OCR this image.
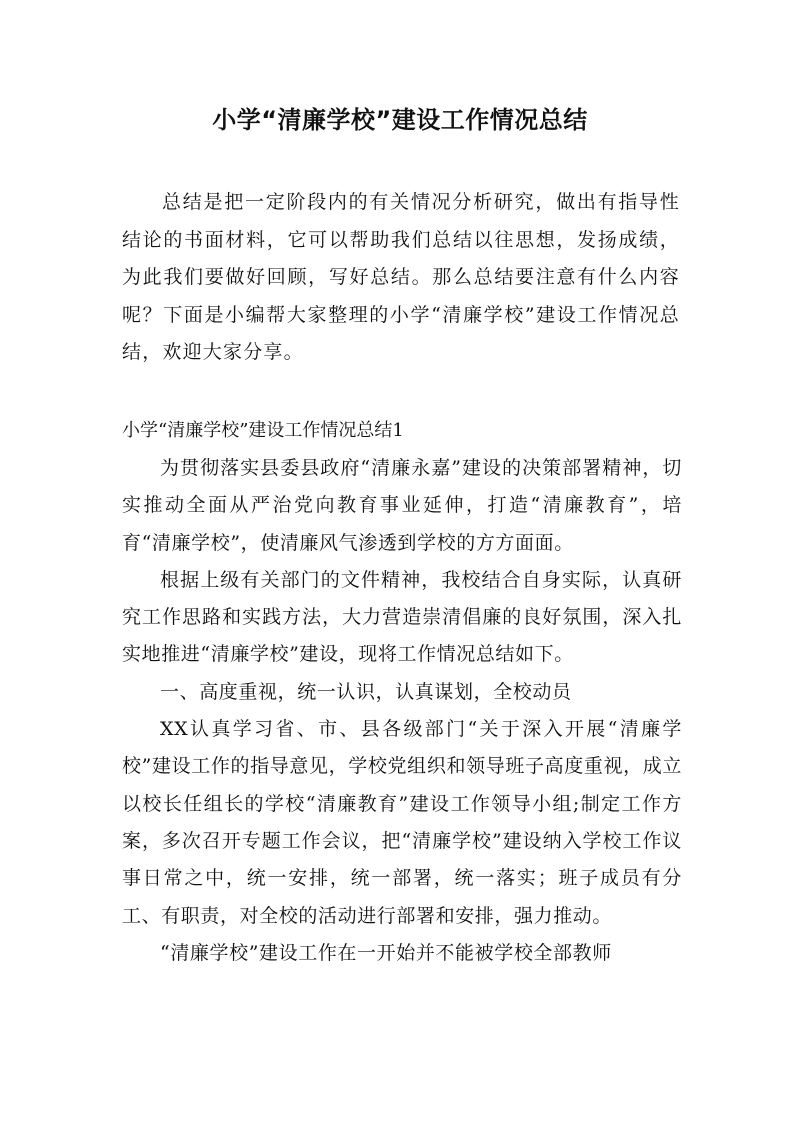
小学“清廉学校”建设工作情况总结

总结是把一定阶段内的有关情况分析研究，做出有指导性结论的书面材料，它可以帮助我们总结以往思想，发扬成绩，为此我们要做好回顾，写好总结。那么总结要注意有什么内容呢？下面是小编帮大家整理的小学“清廉学校”建设工作情况总结，欢迎大家分享。

小学“清廉学校”建设工作情况总结1

为贯彻落实县委县政府“清廉永嘉”建设的决策部署精神，切实推动全面从严治党向教育事业延伸，打造“清廉教育”，培育“清廉学校”，使清廉风气渗透到学校的方方面面。

根据上级有关部门的文件精神，我校结合自身实际，认真研究工作思路和实践方法，大力营造崇清倡廉的良好氛围，深入扎实地推进“清廉学校”建设，现将工作情况总结如下。

一、高度重视，统一认识，认真谋划，全校动员

XX认真学习省、市、县各级部门“关于深入开展“清廉学校”建设工作的指导意见，学校党组织和领导班子高度重视，成立以校长任组长的学校“清廉教育”建设工作领导小组;制定工作方案，多次召开专题工作会议，把“清廉学校”建设纳入学校工作议事日常之中，统一安排，统一部署，统一落实；班子成员有分工、有职责，对全校的活动进行部署和安排，强力推动。

“清廉学校”建设工作在一开始并不能被学校全部教师
